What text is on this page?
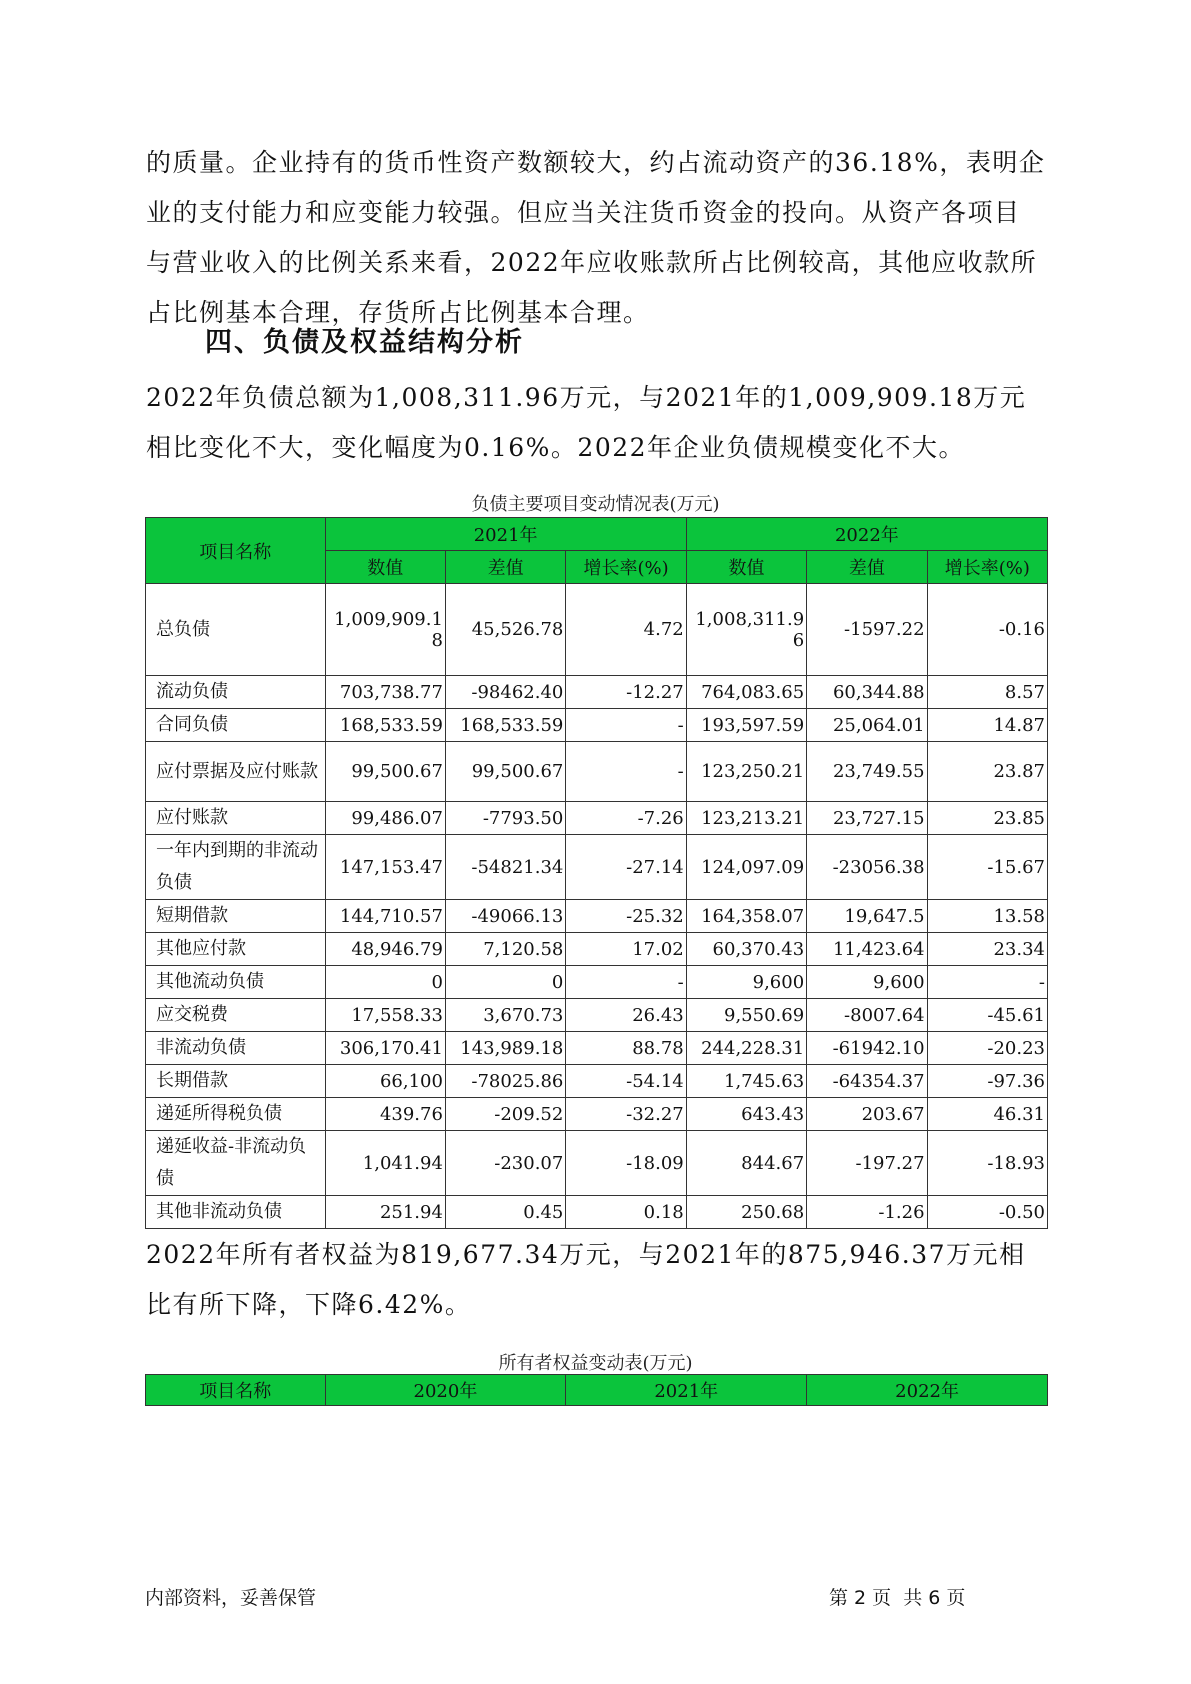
的质量。企业持有的货币性资产数额较大，约占流动资产的36.18%，表明企业的支付能力和应变能力较强。但应当关注货币资金的投向。从资产各项目与营业收入的比例关系来看，2022年应收账款所占比例较高，其他应收款所占比例基本合理，存货所占比例基本合理。

四、负债及权益结构分析

2022年负债总额为1,008,311.96万元，与2021年的1,009,909.18万元相比变化不大，变化幅度为0.16%。2022年企业负债规模变化不大。

负债主要项目变动情况表(万元)
项目名称	2021年			2022年		
	数值	差值	增长率(%)	数值	差值	增长率(%)
总负债	1,009,909.18	45,526.78	4.72	1,008,311.96	-1597.22	-0.16
流动负债	703,738.77	-98462.40	-12.27	764,083.65	60,344.88	8.57
合同负债	168,533.59	168,533.59	-	193,597.59	25,064.01	14.87
应付票据及应付账款	99,500.67	99,500.67	-	123,250.21	23,749.55	23.87
应付账款	99,486.07	-7793.50	-7.26	123,213.21	23,727.15	23.85
一年内到期的非流动负债	147,153.47	-54821.34	-27.14	124,097.09	-23056.38	-15.67
短期借款	144,710.57	-49066.13	-25.32	164,358.07	19,647.5	13.58
其他应付款	48,946.79	7,120.58	17.02	60,370.43	11,423.64	23.34
其他流动负债	0	0	-	9,600	9,600	-
应交税费	17,558.33	3,670.73	26.43	9,550.69	-8007.64	-45.61
非流动负债	306,170.41	143,989.18	88.78	244,228.31	-61942.10	-20.23
长期借款	66,100	-78025.86	-54.14	1,745.63	-64354.37	-97.36
递延所得税负债	439.76	-209.52	-32.27	643.43	203.67	46.31
递延收益-非流动负债	1,041.94	-230.07	-18.09	844.67	-197.27	-18.93
其他非流动负债	251.94	0.45	0.18	250.68	-1.26	-0.50

2022年所有者权益为819,677.34万元，与2021年的875,946.37万元相比有所下降，下降6.42%。

所有者权益变动表(万元)
项目名称	2020年	2021年	2022年
内部资料，妥善保管	第 2 页  共 6 页
